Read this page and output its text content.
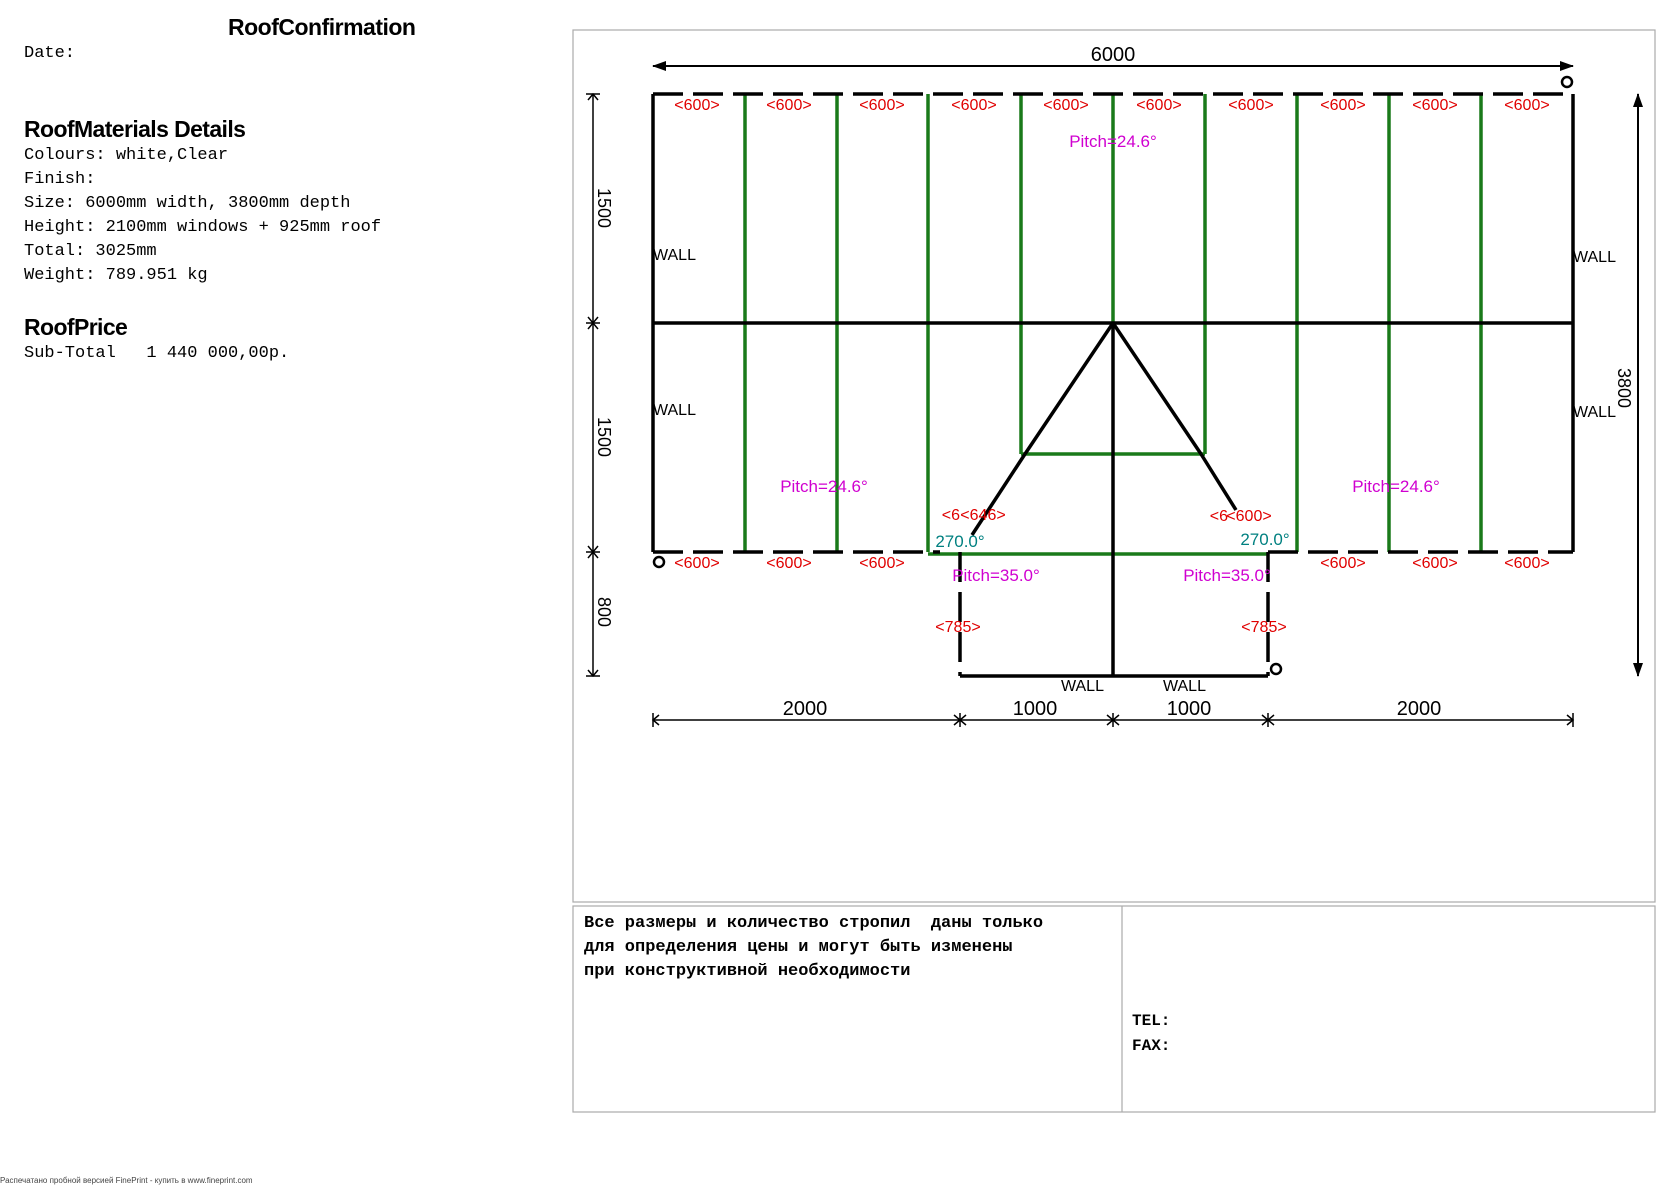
RoofConfirmation
Date:
RoofMaterials Details
Colours: white,Clear
Finish:
Size: 6000mm width, 3800mm depth
Height: 2100mm windows + 925mm roof
Total: 3025mm
Weight: 789.951 kg
RoofPrice
Sub-Total   1 440 000,00р.
6000
3800
1500
1500
800
2000	1000	1000	2000
<600>	<600>	<600>	<600>	<600>	<600>	<600>	<600>	<600>	<600>
<600>	<600>	<600>	<600>	<600>	<600>
<6 <646>	<6
<600>
<785>	<785>
Pitch=24.6°
Pitch=24.6°	Pitch=24.6°
Pitch=35.0°	Pitch=35.0°
270.0°	270.0°
WALL
WALL
WALL
WALL
WALL	WALL
Все размеры и количество стропил  даны только
для определения цены и могут быть изменены
при конструктивной необходимости
TEL:
FAX:
Распечатано пробной версией FinePrint - купить в www.fineprint.com
